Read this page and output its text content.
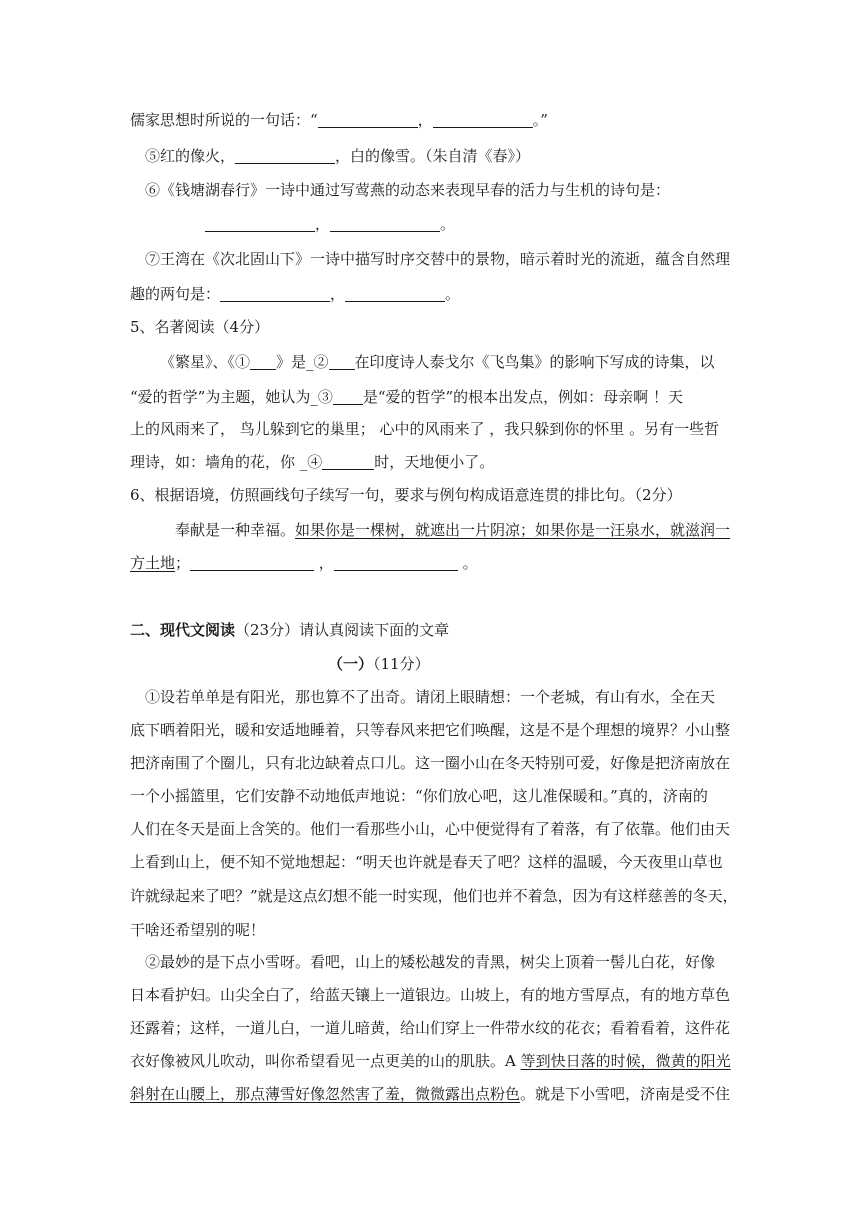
儒家思想时所说的一句话：“	，	。”
⑤红的像火，	，白的像雪。（朱自清《春》）
⑥《钱塘湖春行》一诗中通过写莺燕的动态来表现早春的活力与生机的诗句是：
，	。
⑦王湾在《次北固山下》一诗中描写时序交替中的景物，暗示着时光的流逝，蕴含自然理
趣的两句是：	，	。
5、名著阅读（4分）
《繁星》、《① 》是_② 在印度诗人泰戈尔《飞鸟集》的影响下写成的诗集，以
“爱的哲学”为主题，她认为_③ 是“爱的哲学”的根本出发点，例如：母亲啊 ！天
上的风雨来了， 鸟儿躲到它的巢里； 心中的风雨来了 ，我只躲到你的怀里 。另有一些哲
理诗，如：墙角的花，你 _④	时，天地便小了。
6、根据语境，仿照画线句子续写一句，要求与例句构成语意连贯的排比句。（2分）
奉献是一种幸福。如果你是一棵树，就遮出一片阴凉；如果你是一汪泉水，就滋润一
方土地；	，	。
二、现代文阅读（23分）请认真阅读下面的文章
（一）（11分）
①设若单单是有阳光，那也算不了出奇。请闭上眼睛想：一个老城，有山有水，全在天
底下晒着阳光，暖和安适地睡着，只等春风来把它们唤醒，这是不是个理想的境界？小山整
把济南围了个圈儿，只有北边缺着点口儿。这一圈小山在冬天特别可爱，好像是把济南放在
一个小摇篮里，它们安静不动地低声地说：“你们放心吧，这儿准保暖和。”真的，济南的
人们在冬天是面上含笑的。他们一看那些小山，心中便觉得有了着落，有了依靠。他们由天
上看到山上，便不知不觉地想起：“明天也许就是春天了吧？这样的温暖，今天夜里山草也
许就绿起来了吧？”就是这点幻想不能一时实现，他们也并不着急，因为有这样慈善的冬天，
干啥还希望别的呢！
②最妙的是下点小雪呀。看吧，山上的矮松越发的青黑，树尖上顶着一髻儿白花，好像
日本看护妇。山尖全白了，给蓝天镶上一道银边。山坡上，有的地方雪厚点，有的地方草色
还露着；这样，一道儿白，一道儿暗黄，给山们穿上一件带水纹的花衣；看着看着，这件花
衣好像被风儿吹动，叫你希望看见一点更美的山的肌肤。A 等到快日落的时候，微黄的阳光
斜射在山腰上，那点薄雪好像忽然害了羞，微微露出点粉色。就是下小雪吧，济南是受不住
